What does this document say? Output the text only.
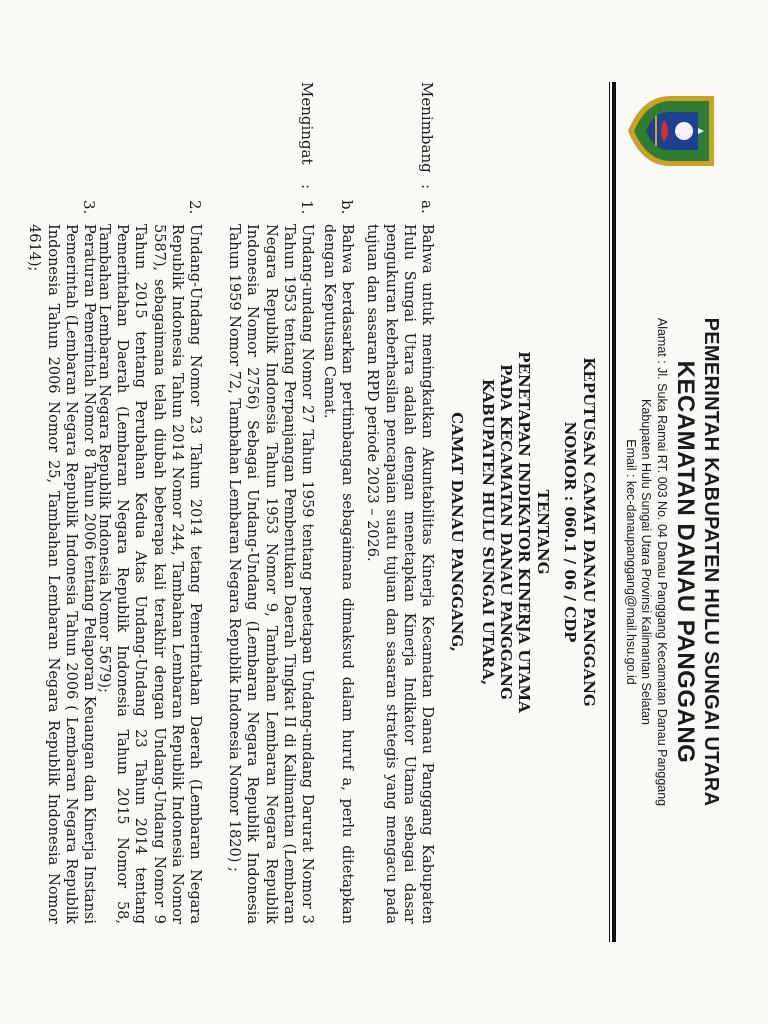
PEMERINTAH KABUPATEN HULU SUNGAI UTARA
KECAMATAN DANAU PANGGANG
Alamat : Jl. Suka Ramai RT. 003 No. 04 Danau Panggang Kecamatan Danau Panggang
Kabupaten Hulu Sungai Utara Provinsi Kalimantan Selatan
Email : kec-danaupanggang@mail.hsu.go.id
KEPUTUSAN CAMAT DANAU PANGGANG
NOMOR : 060.1 / 06 / CDP
TENTANG
PENETAPAN INDIKATOR KINERJA UTAMA
PADA KECAMATAN DANAU PANGGANG
KABUPATEN HULU SUNGAI UTARA,
CAMAT DANAU PANGGANG,
Menimbang
:
a.

Bahwa untuk meningkatkan Akuntabilitas Kinerja Kecamatan Danau Panggang Kabupaten Hulu Sungai Utara adalah dengan menetapkan Kinerja Indikator Utama sebagai dasar pengukuran keberhasilan pencapaian suatu tujuan dan sasaran strategis yang mengacu pada tujuan dan sasaran RPD periode 2023 – 2026.

b.

Bahwa berdasarkan pertimbangan sebagaimana dimaksud dalam huruf a, perlu ditetapkan dengan Keputusan Camat.

Mengingat
:
1.

Undang-undang Nomor 27 Tahun 1959 tentang penetapan Undang-undang Darurat Nomor 3 Tahun 1953 tentang Perpanjangan Pembentukan Daerah Tingkat II di Kalimantan (Lembaran Negara Republik Indonesia Tahun 1953 Nomor 9, Tambahan Lembaran Negara Republik Indonesia Nomor 2756) Sebagai Undang-Undang (Lembaran Negara Republik Indonesia Tahun 1959 Nomor 72, Tambahan Lembaran Negara Republik Indonesia Nomor 1820) ;

2.

Undang-Undang Nomor 23 Tahun 2014 tetang Pemerintahan Daerah (Lembaran Negara Republik Indonesia Tahun 2014 Nomor 244, Tambahan Lembaran Republik Indonesia Nomor 5587), sebagaimana telah diubah beberapa kali terakhir dengan Undang-Undang Nomor 9 Tahun 2015 tentang Perubahan Kedua Atas Undang-Undang 23 Tahun 2014 tentang Pemerintahan Daerah (Lembaran Negara Republik Indonesia Tahun 2015 Nomor 58, Tambahan Lembaran Negara Republik Indonesia Nomor 5679);

3.

Peraturan Pemerintah Nomor 8 Tahun 2006 tentang Pelaporan Keuangan dan Kinerja Instansi Pemerintah (Lembaran Negara Republik Indonesia Tahun 2006 ( Lembaran Negara Republik Indonesia Tahun 2006 Nomor 25, Tambahan Lembaran Negara Republik Indonesia Nomor 4614);
